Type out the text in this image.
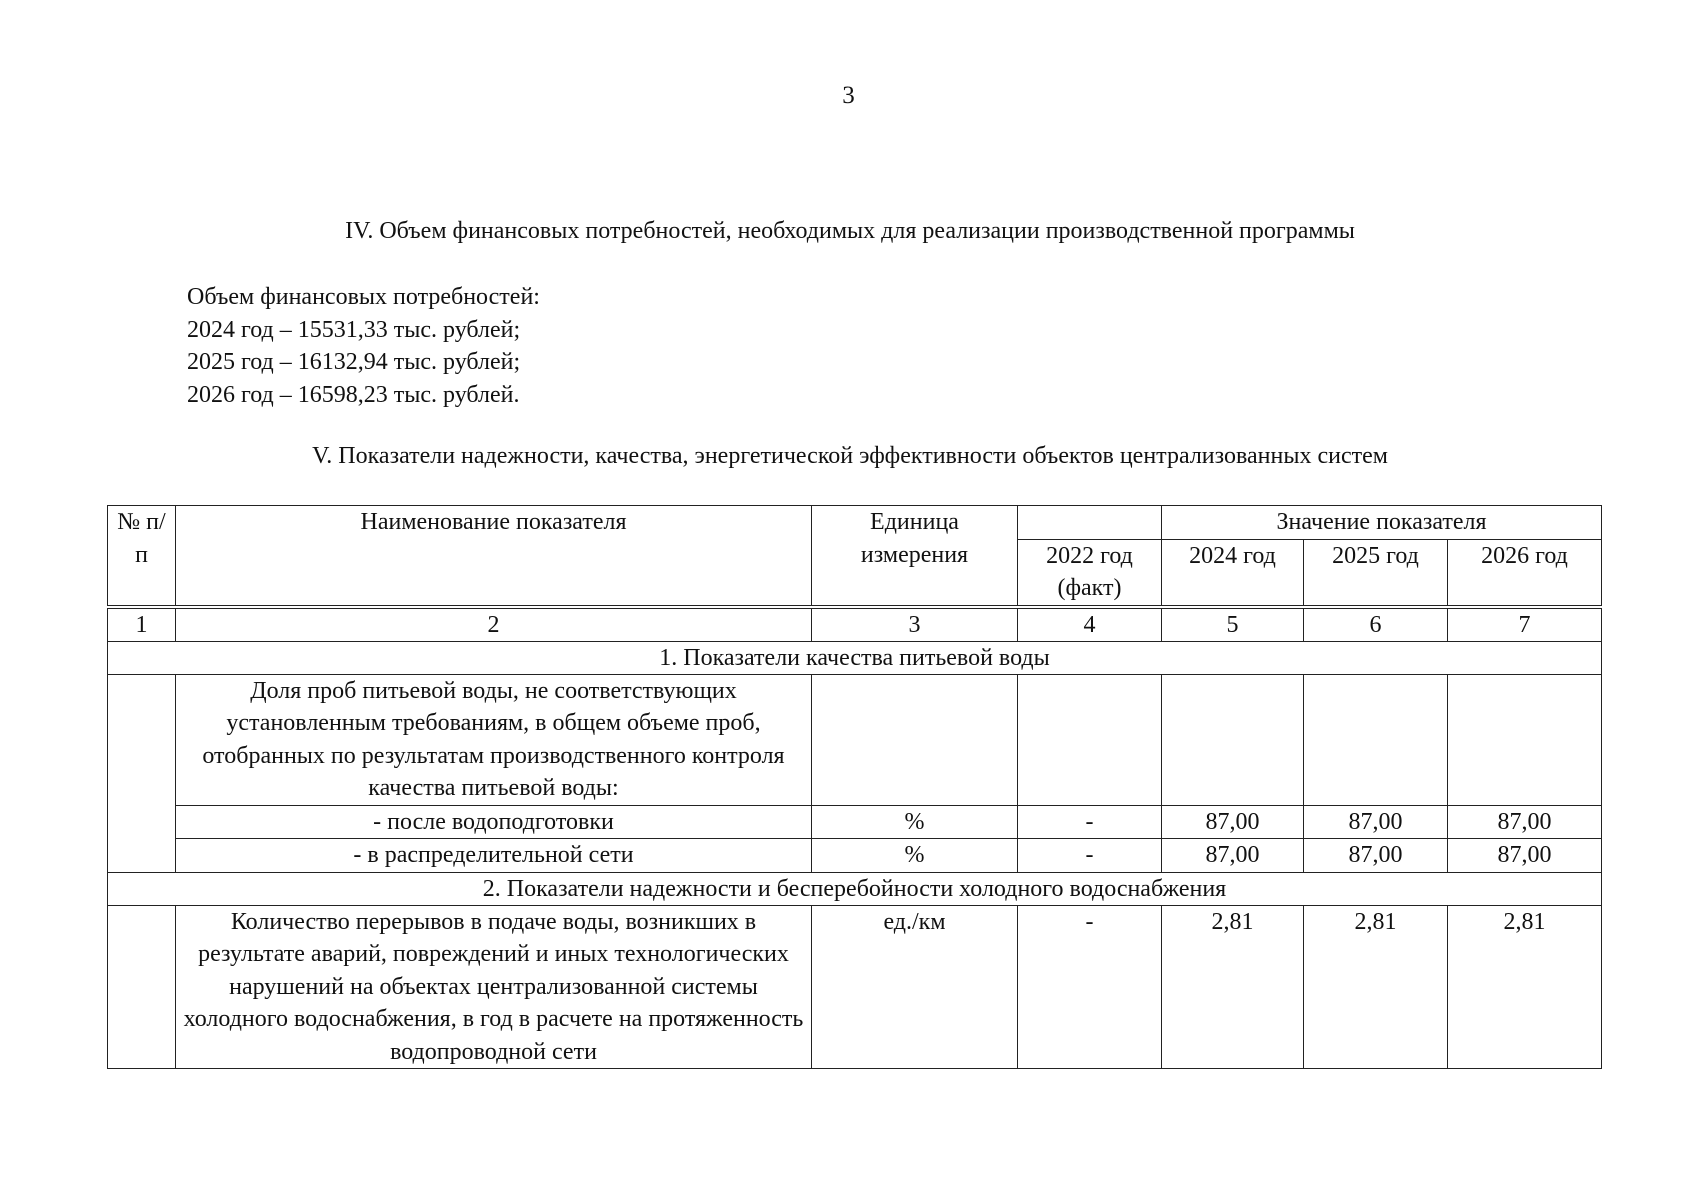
3
IV. Объем финансовых потребностей, необходимых для реализации производственной программы
Объем финансовых потребностей:
2024 год – 15531,33 тыс. рублей;
2025 год – 16132,94 тыс. рублей;
2026 год – 16598,23 тыс. рублей.
V. Показатели надежности, качества, энергетической эффективности объектов централизованных систем
№ п/п	Наименование показателя	Единица измерения		Значение показателя		
			2022 год (факт)	2024 год	2025 год	2026 год
1	2	3	4	5	6	7
1. Показатели качества питьевой воды						
	Доля проб питьевой воды, не соответствующих установленным требованиям, в общем объеме проб, отобранных по результатам производственного контроля качества питьевой воды:					
	- после водоподготовки	%	-	87,00	87,00	87,00
	- в распределительной сети	%	-	87,00	87,00	87,00
2. Показатели надежности и бесперебойности холодного водоснабжения						
	Количество перерывов в подаче воды, возникших в результате аварий, повреждений и иных технологических нарушений на объектах централизованной системы холодного водоснабжения, в год в расчете на протяженность водопроводной сети	ед./км	-	2,81	2,81	2,81
